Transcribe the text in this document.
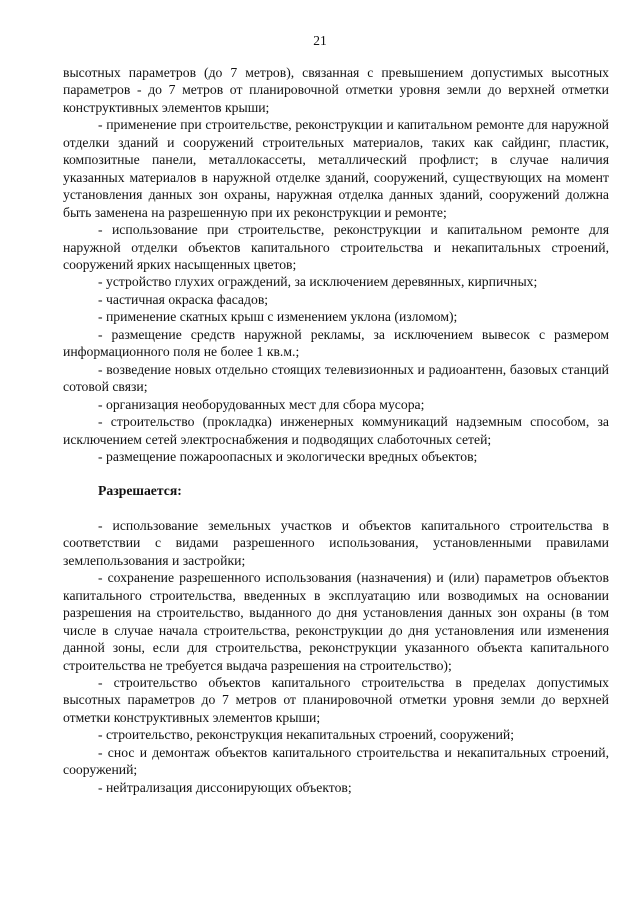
21

высотных параметров (до 7 метров), связанная с превышением допустимых высотных параметров - до 7 метров от планировочной отметки уровня земли до верхней отметки конструктивных элементов крыши;

- применение при строительстве, реконструкции и капитальном ремонте для наружной отделки зданий и сооружений строительных материалов, таких как сайдинг, пластик, композитные панели, металлокассеты, металлический профлист; в случае наличия указанных материалов в наружной отделке зданий, сооружений, существующих на момент установления данных зон охраны, наружная отделка данных зданий, сооружений должна быть заменена на разрешенную при их реконструкции и ремонте;

- использование при строительстве, реконструкции и капитальном ремонте для наружной отделки объектов капитального строительства и некапитальных строений, сооружений ярких насыщенных цветов;

- устройство глухих ограждений, за исключением деревянных, кирпичных;

- частичная окраска фасадов;

- применение скатных крыш с изменением уклона (изломом);

- размещение средств наружной рекламы, за исключением вывесок с размером информационного поля не более 1 кв.м.;

- возведение новых отдельно стоящих телевизионных и радиоантенн, базовых станций сотовой связи;

- организация необорудованных мест для сбора мусора;

- строительство (прокладка) инженерных коммуникаций надземным способом, за исключением сетей электроснабжения и подводящих слаботочных сетей;

- размещение пожароопасных и экологически вредных объектов;

Разрешается:

- использование земельных участков и объектов капитального строительства в соответствии с видами разрешенного использования, установленными правилами землепользования и застройки;

- сохранение разрешенного использования (назначения) и (или) параметров объектов капитального строительства, введенных в эксплуатацию или возводимых на основании разрешения на строительство, выданного до дня установления данных зон охраны (в том числе в случае начала строительства, реконструкции до дня установления или изменения данной зоны, если для строительства, реконструкции указанного объекта капитального строительства не требуется выдача разрешения на строительство);

- строительство объектов капитального строительства в пределах допустимых высотных параметров до 7 метров от планировочной отметки уровня земли до верхней отметки конструктивных элементов крыши;

- строительство, реконструкция некапитальных строений, сооружений;

- снос и демонтаж объектов капитального строительства и некапитальных строений, сооружений;

- нейтрализация диссонирующих объектов;
